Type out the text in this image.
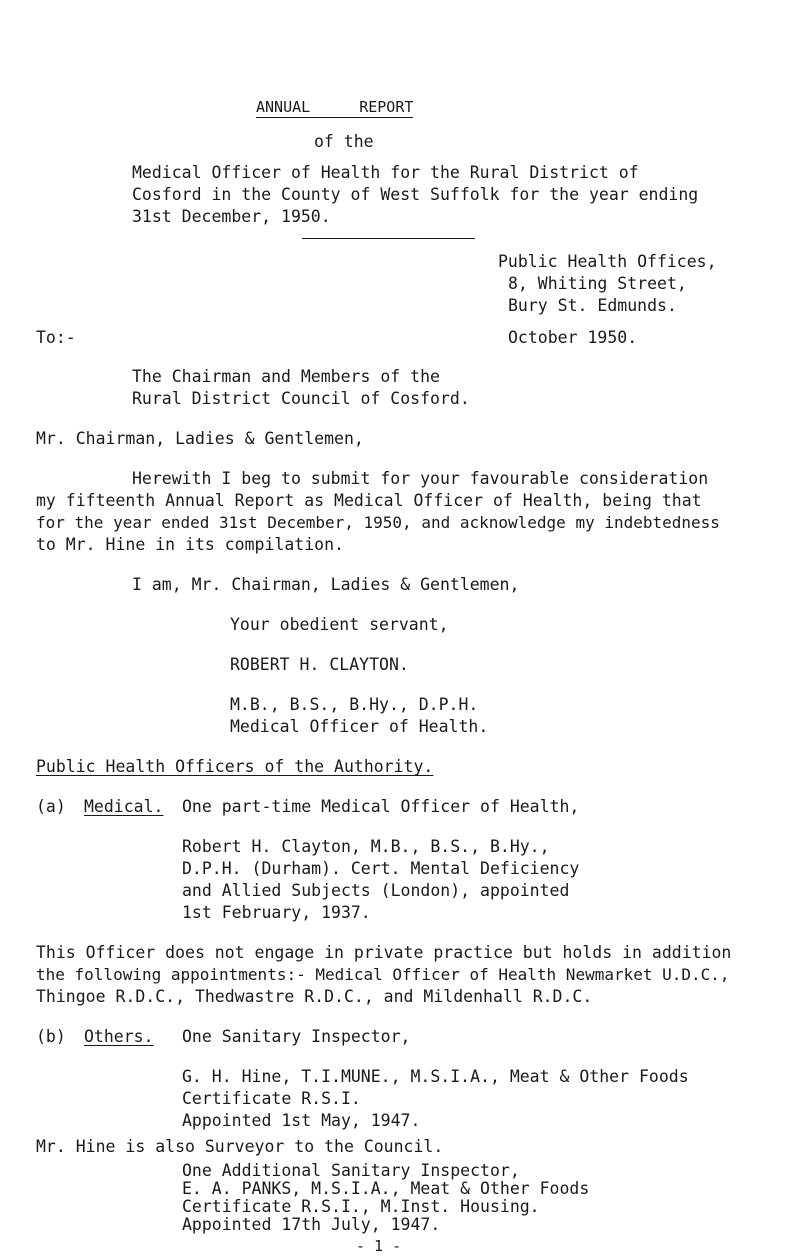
ANNUAL REPORT
of the
Medical Officer of Health for the Rural District of
Cosford in the County of West Suffolk for the year ending
31st December, 1950.
Public Health Offices,
8, Whiting Street,
Bury St. Edmunds.
To:-	October 1950.
The Chairman and Members of the
Rural District Council of Cosford.
Mr. Chairman, Ladies & Gentlemen,
Herewith I beg to submit for your favourable consideration
my fifteenth Annual Report as Medical Officer of Health, being that
for the year ended 31st December, 1950, and acknowledge my indebtedness
to Mr. Hine in its compilation.
I am, Mr. Chairman, Ladies & Gentlemen,
Your obedient servant,
ROBERT H. CLAYTON.
M.B., B.S., B.Hy., D.P.H.
Medical Officer of Health.
Public Health Officers of the Authority.
(a) Medical. One part-time Medical Officer of Health,
Robert H. Clayton, M.B., B.S., B.Hy.,
D.P.H. (Durham). Cert. Mental Deficiency
and Allied Subjects (London), appointed
1st February, 1937.
This Officer does not engage in private practice but holds in addition
the following appointments:- Medical Officer of Health Newmarket U.D.C.,
Thingoe R.D.C., Thedwastre R.D.C., and Mildenhall R.D.C.
(b) Others. One Sanitary Inspector,
G. H. Hine, T.I.MUNE., M.S.I.A., Meat & Other Foods
Certificate R.S.I.
Appointed 1st May, 1947.
Mr. Hine is also Surveyor to the Council.
One Additional Sanitary Inspector,
E. A. PANKS, M.S.I.A., Meat & Other Foods
Certificate R.S.I., M.Inst. Housing.
Appointed 17th July, 1947.
- 1 -
